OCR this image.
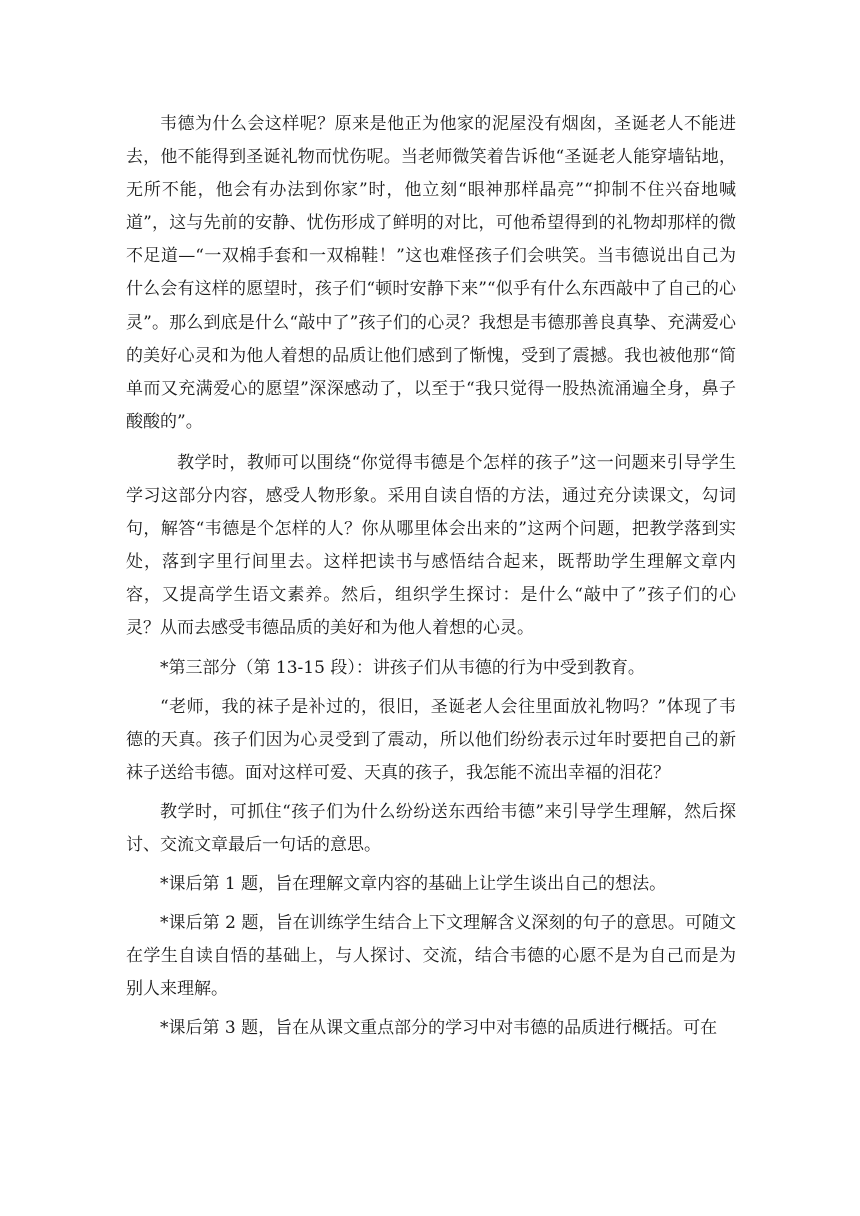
韦德为什么会这样呢？原来是他正为他家的泥屋没有烟囱，圣诞老人不能进去，他不能得到圣诞礼物而忧伤呢。当老师微笑着告诉他“圣诞老人能穿墙钻地，无所不能，他会有办法到你家”时，他立刻“眼神那样晶亮”“抑制不住兴奋地喊道”，这与先前的安静、忧伤形成了鲜明的对比，可他希望得到的礼物却那样的微不足道—“一双棉手套和一双棉鞋！”这也难怪孩子们会哄笑。当韦德说出自己为什么会有这样的愿望时，孩子们“顿时安静下来”“似乎有什么东西敲中了自己的心灵”。那么到底是什么“敲中了”孩子们的心灵？我想是韦德那善良真挚、充满爱心的美好心灵和为他人着想的品质让他们感到了惭愧，受到了震撼。我也被他那“简单而又充满爱心的愿望”深深感动了，以至于“我只觉得一股热流涌遍全身，鼻子酸酸的”。

教学时，教师可以围绕“你觉得韦德是个怎样的孩子”这一问题来引导学生学习这部分内容，感受人物形象。采用自读自悟的方法，通过充分读课文，勾词句，解答“韦德是个怎样的人？你从哪里体会出来的”这两个问题，把教学落到实处，落到字里行间里去。这样把读书与感悟结合起来，既帮助学生理解文章内容，又提高学生语文素养。然后，组织学生探讨：是什么“敲中了”孩子们的心灵？从而去感受韦德品质的美好和为他人着想的心灵。

*第三部分（第 13-15 段）：讲孩子们从韦德的行为中受到教育。

“老师，我的袜子是补过的，很旧，圣诞老人会往里面放礼物吗？”体现了韦德的天真。孩子们因为心灵受到了震动，所以他们纷纷表示过年时要把自己的新袜子送给韦德。面对这样可爱、天真的孩子，我怎能不流出幸福的泪花？

教学时，可抓住“孩子们为什么纷纷送东西给韦德”来引导学生理解，然后探讨、交流文章最后一句话的意思。

*课后第 1 题，旨在理解文章内容的基础上让学生谈出自己的想法。

*课后第 2 题，旨在训练学生结合上下文理解含义深刻的句子的意思。可随文在学生自读自悟的基础上，与人探讨、交流，结合韦德的心愿不是为自己而是为别人来理解。

*课后第 3 题，旨在从课文重点部分的学习中对韦德的品质进行概括。可在
